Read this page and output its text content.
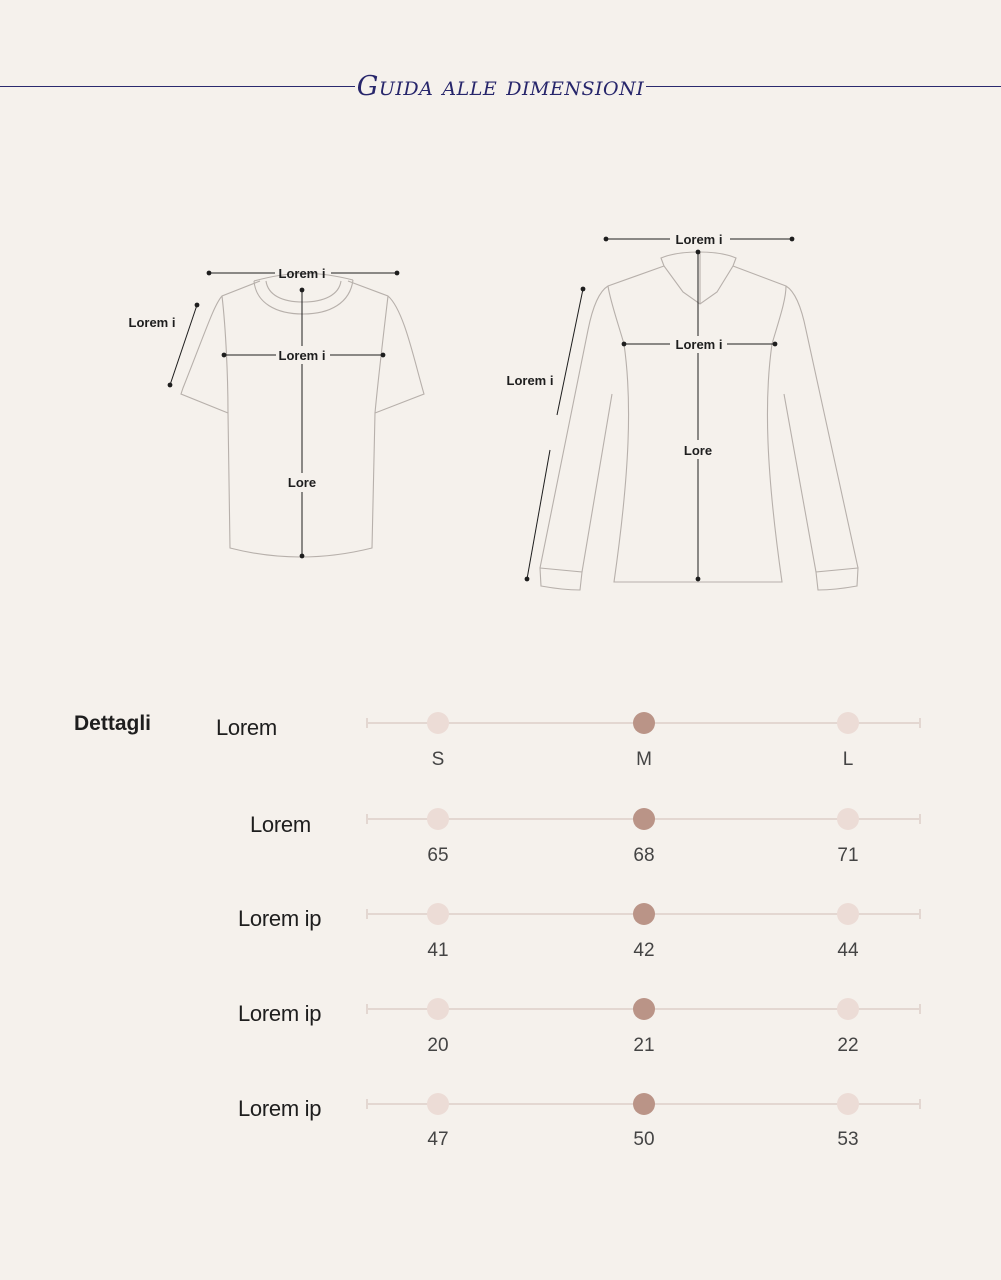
Guida alle dimensioni
Lorem i
Lorem i
Lorem i
Lore
Lorem i
Lorem i
Lorem i
Lore
Dettagli	Lorem
S	M	L
Lorem
65	68	71
Lorem ip
41	42	44
Lorem ip
20	21	22
Lorem ip
47	50	53
